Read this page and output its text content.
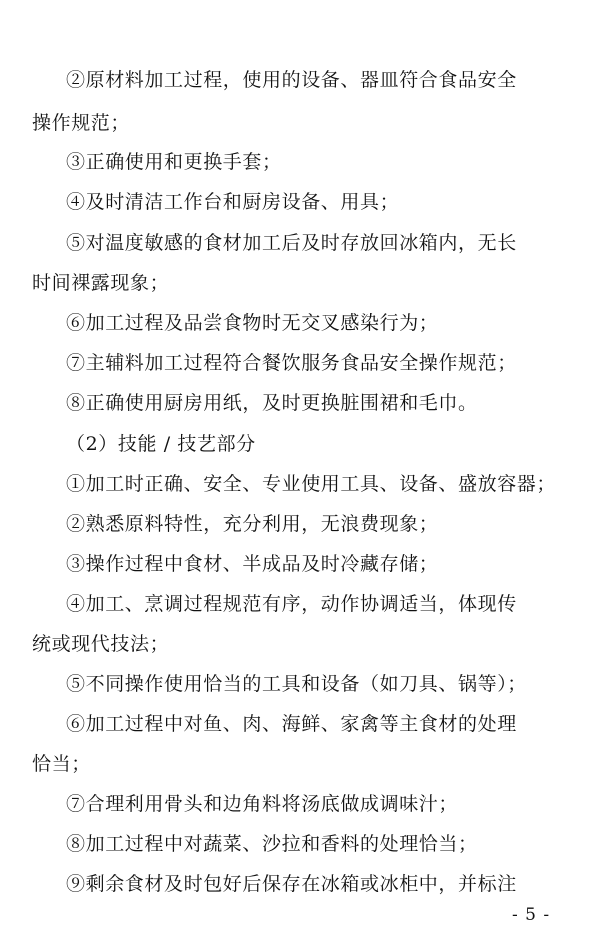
②原材料加工过程，使用的设备、器皿符合食品安全
操作规范；
③正确使用和更换手套；
④及时清洁工作台和厨房设备、用具；
⑤对温度敏感的食材加工后及时存放回冰箱内，无长
时间裸露现象；
⑥加工过程及品尝食物时无交叉感染行为；
⑦主辅料加工过程符合餐饮服务食品安全操作规范；
⑧正确使用厨房用纸，及时更换脏围裙和毛巾。
（2）技能 / 技艺部分
①加工时正确、安全、专业使用工具、设备、盛放容器；
②熟悉原料特性，充分利用，无浪费现象；
③操作过程中食材、半成品及时冷藏存储；
④加工、烹调过程规范有序，动作协调适当，体现传
统或现代技法；
⑤不同操作使用恰当的工具和设备（如刀具、锅等）；
⑥加工过程中对鱼、肉、海鲜、家禽等主食材的处理
恰当；
⑦合理利用骨头和边角料将汤底做成调味汁；
⑧加工过程中对蔬菜、沙拉和香料的处理恰当；
⑨剩余食材及时包好后保存在冰箱或冰柜中，并标注
- 5 -
